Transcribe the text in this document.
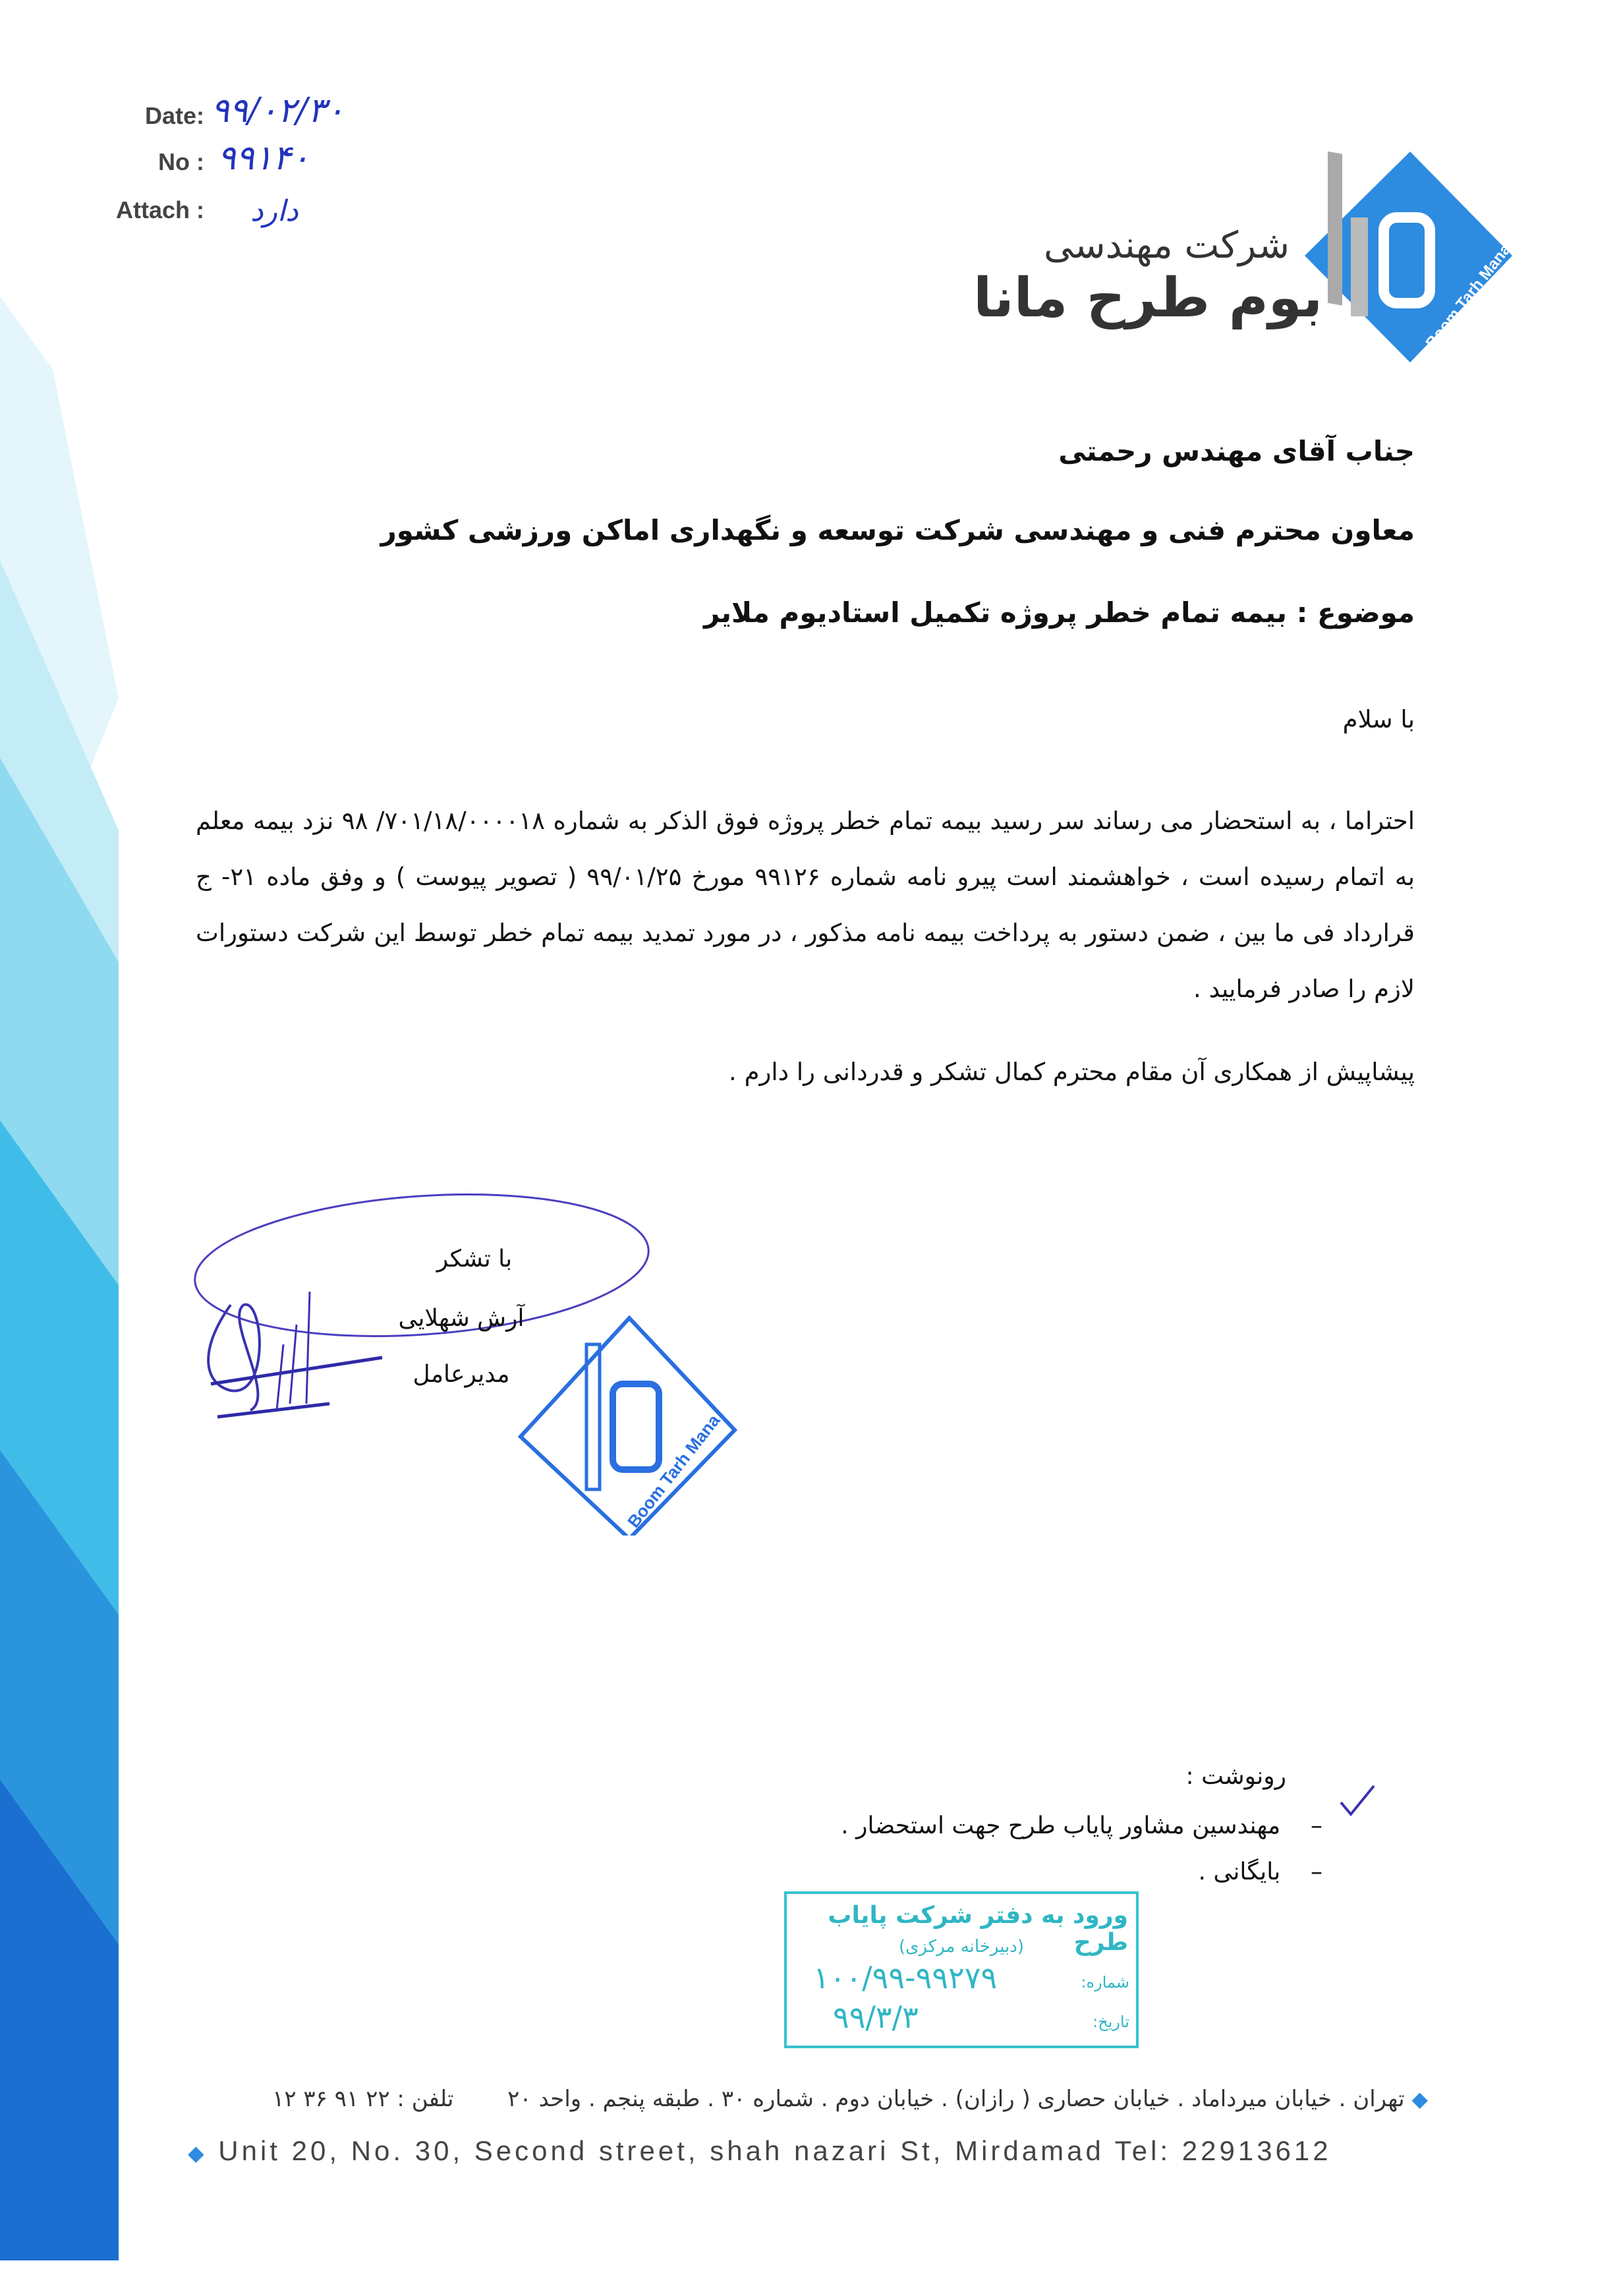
Date: ۹۹/۰۲/۳۰
No : ۹۹۱۴۰
Attach : دارد
شرکت مهندسی
بوم طرح مانا	Boom Tarh Mana
جناب آقای مهندس رحمتی
معاون محترم فنی و مهندسی شرکت توسعه و نگهداری اماکن ورزشی کشور
موضوع : بیمه تمام خطر پروژه تکمیل استادیوم ملایر
با سلام
احتراما ، به استحضار می رساند سر رسید بیمه تمام خطر پروژه فوق الذکر به شماره ۷۰۱/۱۸/۰۰۰۰۱۸/ ۹۸ نزد بیمه معلم به اتمام رسیده است ، خواهشمند است پیرو نامه شماره ۹۹۱۲۶ مورخ ۹۹/۰۱/۲۵ ( تصویر پیوست ) و وفق ماده ۲۱- ج قرارداد فی ما بین ، ضمن دستور به پرداخت بیمه نامه مذکور ، در مورد تمدید بیمه تمام خطر توسط این شرکت دستورات لازم را صادر فرمایید .
پیشاپیش از همکاری آن مقام محترم کمال تشکر و قدردانی را دارم .
Boom Tarh Mana
با تشکر
آرش شهلایی
مدیرعامل
رونوشت :
–    مهندسین مشاور پایاب طرح جهت استحضار .
–    بایگانی .
ورود به دفتر شرکت پایاب طرح
(دبیرخانه مرکزی)
شماره:
۱۰۰/۹۹-۹۹۲۷۹
تاریخ:
۹۹/۳/۳
◆ تهران . خیابان میرداماد . خیابان حصاری ( رازان) . خیابان دوم . شماره ۳۰ . طبقه پنجم . واحد ۲۰  تلفن : ۲۲ ۹۱ ۳۶ ۱۲
◆ Unit 20, No. 30, Second street, shah nazari St, Mirdamad Tel: 22913612
